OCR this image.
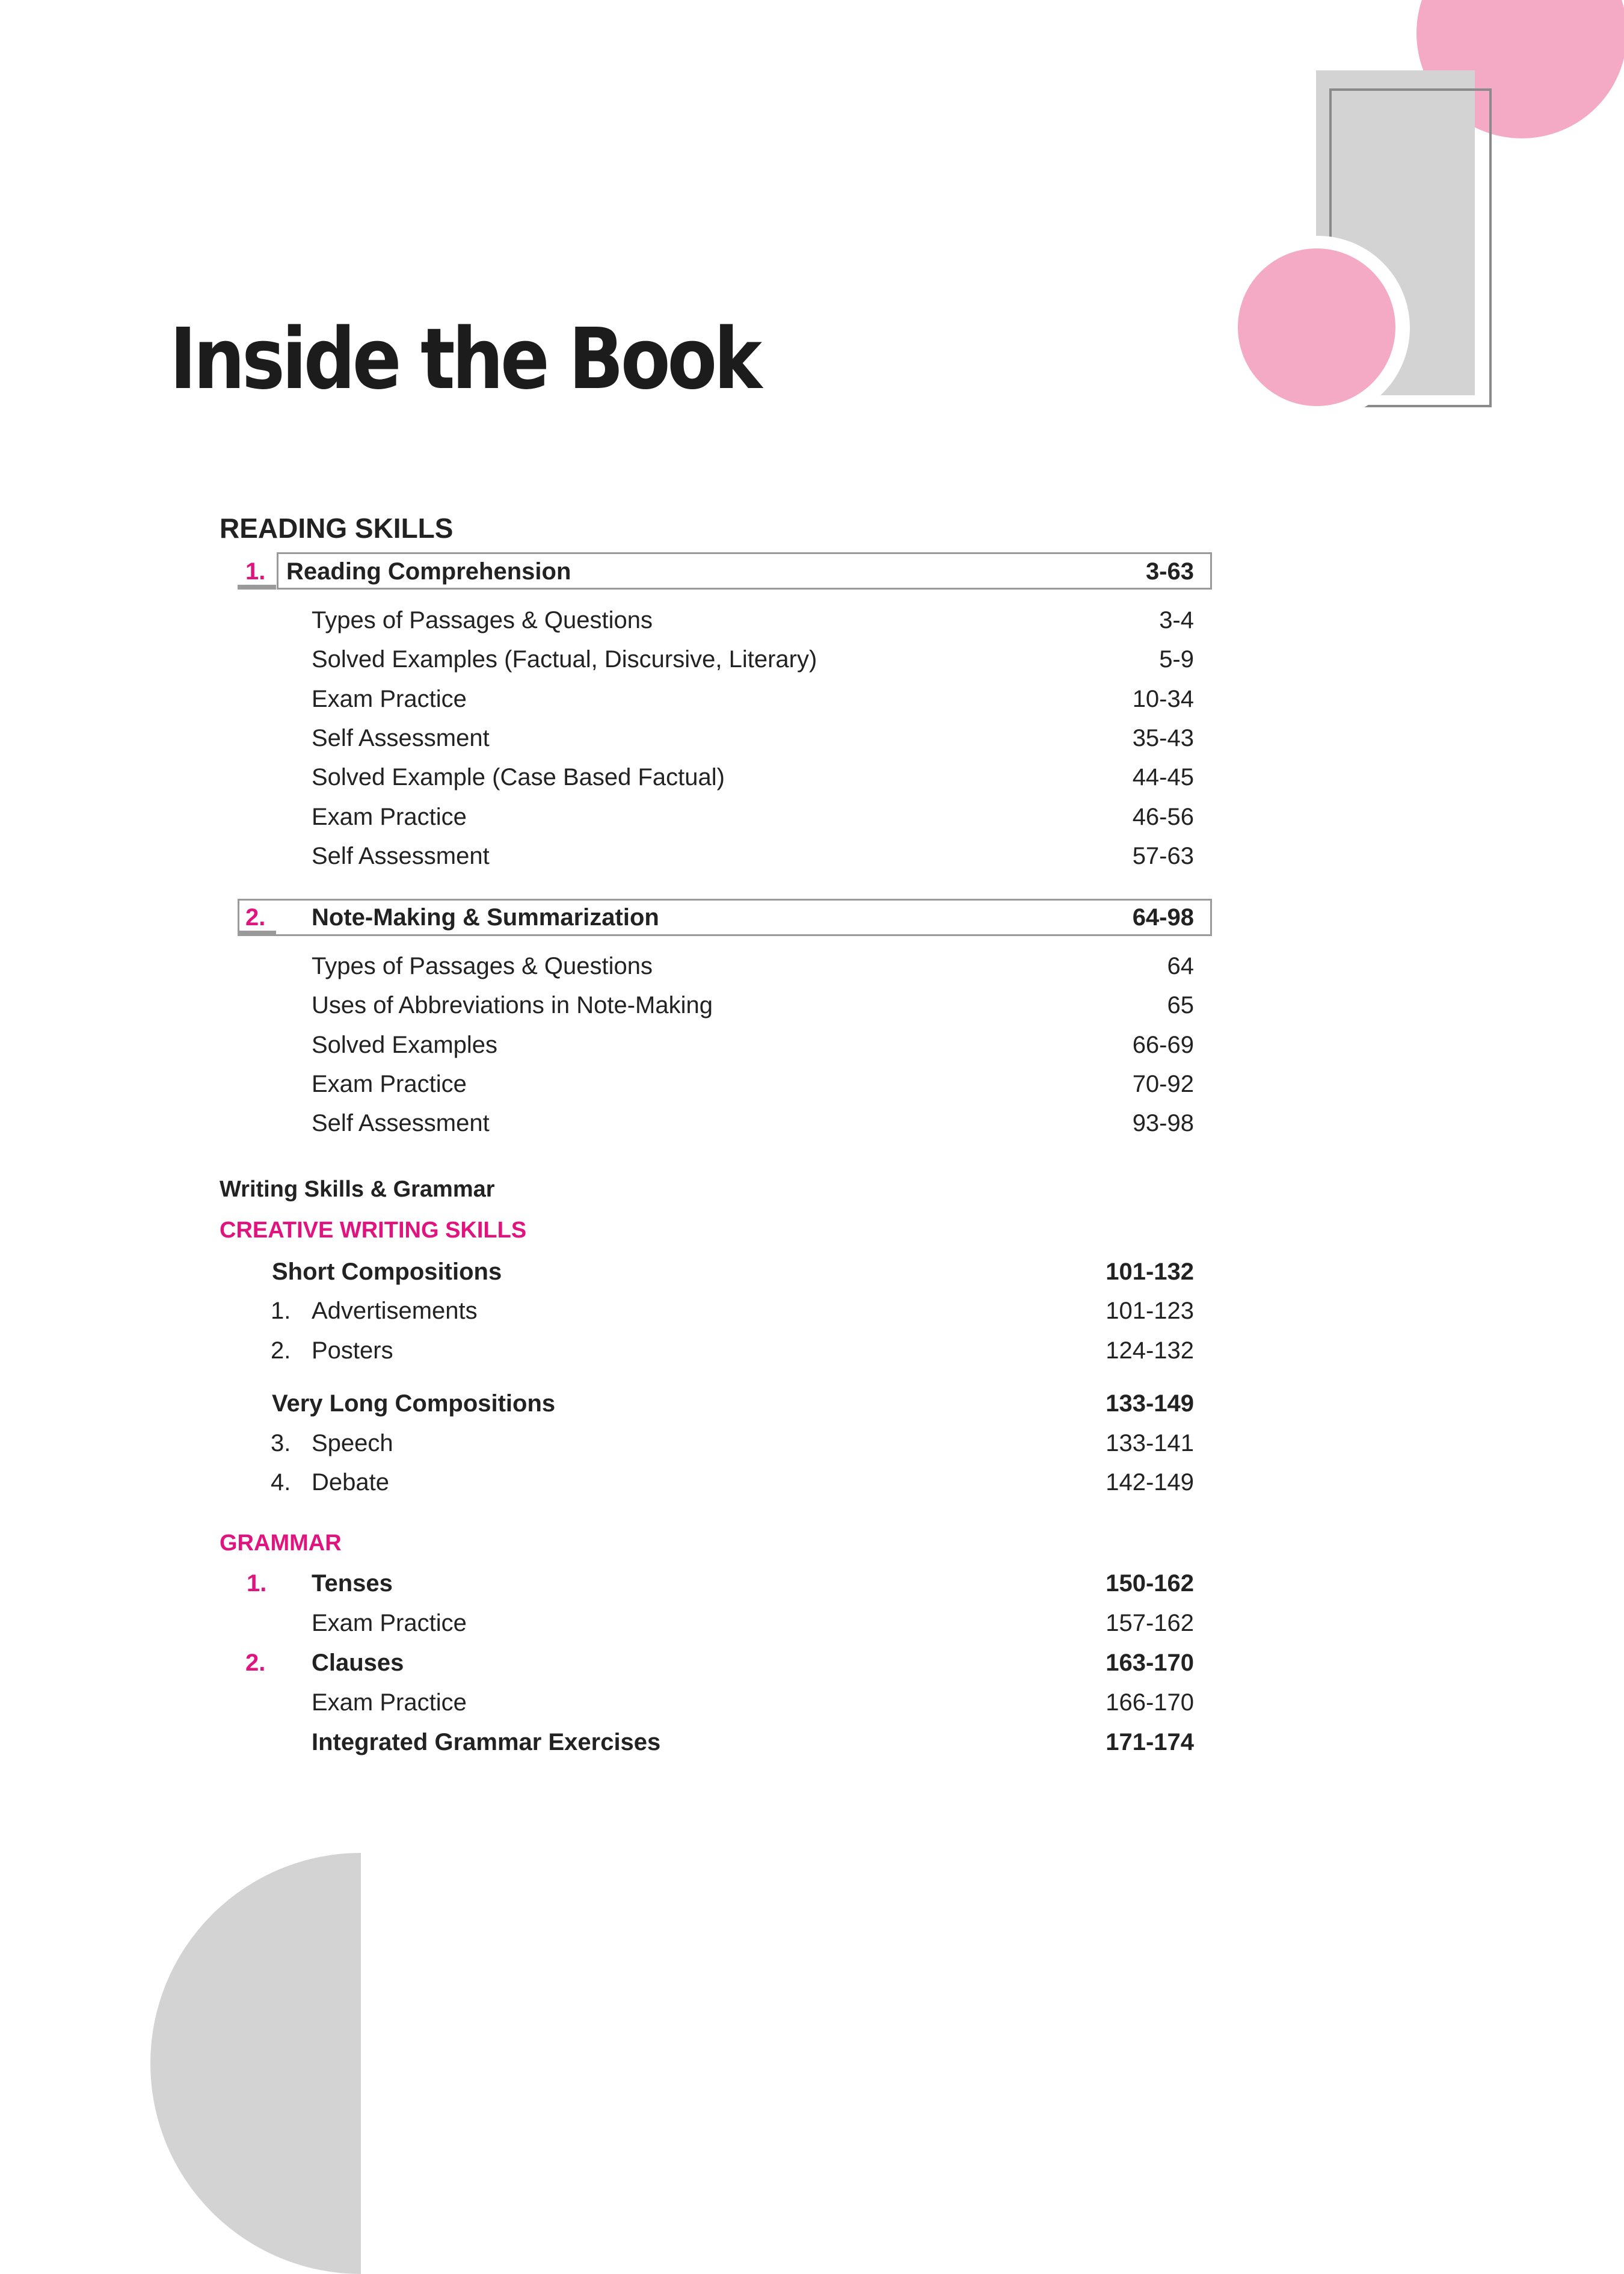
Inside the Book
READING SKILLS
1. Reading Comprehension	3-63
Types of Passages & Questions	3-4
Solved Examples (Factual, Discursive, Literary)	5-9
Exam Practice	10-34
Self Assessment	35-43
Solved Example (Case Based Factual)	44-45
Exam Practice	46-56
Self Assessment	57-63
2. Note-Making & Summarization	64-98
Types of Passages & Questions	64
Uses of Abbreviations in Note-Making	65
Solved Examples	66-69
Exam Practice	70-92
Self Assessment	93-98
Writing Skills & Grammar
CREATIVE WRITING SKILLS
Short Compositions	101-132
1. Advertisements	101-123
2. Posters	124-132
Very Long Compositions	133-149
3. Speech	133-141
4. Debate	142-149
GRAMMAR
1. Tenses	150-162
Exam Practice	157-162
2. Clauses	163-170
Exam Practice	166-170
Integrated Grammar Exercises	171-174
